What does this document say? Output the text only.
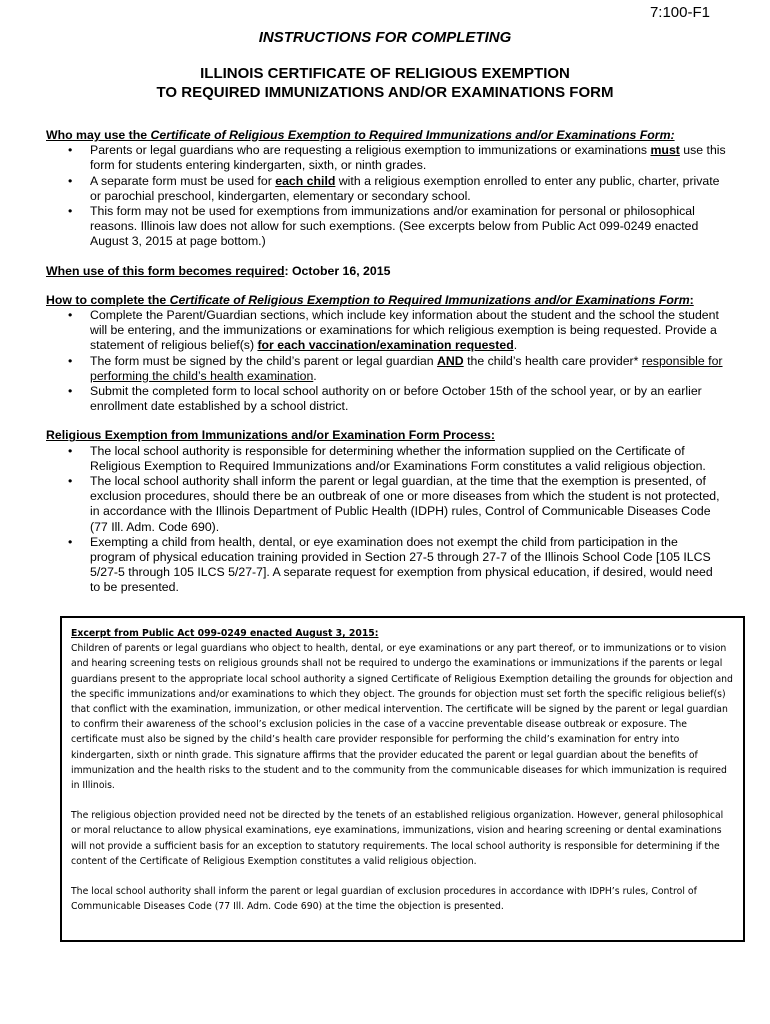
7:100-F1
INSTRUCTIONS FOR COMPLETING
ILLINOIS CERTIFICATE OF RELIGIOUS EXEMPTION
TO REQUIRED IMMUNIZATIONS AND/OR EXAMINATIONS FORM

Who may use the Certificate of Religious Exemption to Required Immunizations and/or Examinations Form:

• Parents or legal guardians who are requesting a religious exemption to immunizations or examinations must use this form for students entering kindergarten, sixth, or ninth grades.
• A separate form must be used for each child with a religious exemption enrolled to enter any public, charter, private or parochial preschool, kindergarten, elementary or secondary school.
• This form may not be used for exemptions from immunizations and/or examination for personal or philosophical reasons. Illinois law does not allow for such exemptions. (See excerpts below from Public Act 099-0249 enacted August 3, 2015 at page bottom.)

When use of this form becomes required: October 16, 2015

How to complete the Certificate of Religious Exemption to Required Immunizations and/or Examinations Form:

• Complete the Parent/Guardian sections, which include key information about the student and the school the student will be entering, and the immunizations or examinations for which religious exemption is being requested. Provide a statement of religious belief(s) for each vaccination/examination requested.
• The form must be signed by the child’s parent or legal guardian AND the child’s health care provider* responsible for performing the child’s health examination.
• Submit the completed form to local school authority on or before October 15th of the school year, or by an earlier enrollment date established by a school district.

Religious Exemption from Immunizations and/or Examination Form Process:

• The local school authority is responsible for determining whether the information supplied on the Certificate of Religious Exemption to Required Immunizations and/or Examinations Form constitutes a valid religious objection.
• The local school authority shall inform the parent or legal guardian, at the time that the exemption is presented, of exclusion procedures, should there be an outbreak of one or more diseases from which the student is not protected, in accordance with the Illinois Department of Public Health (IDPH) rules, Control of Communicable Diseases Code (77 Ill. Adm. Code 690).
• Exempting a child from health, dental, or eye examination does not exempt the child from participation in the program of physical education training provided in Section 27-5 through 27-7 of the Illinois School Code [105 ILCS 5/27-5 through 105 ILCS 5/27-7]. A separate request for exemption from physical education, if desired, would need to be presented.

Excerpt from Public Act 099-0249 enacted August 3, 2015:

Children of parents or legal guardians who object to health, dental, or eye examinations or any part thereof, or to immunizations or to vision and hearing screening tests on religious grounds shall not be required to undergo the examinations or immunizations if the parents or legal guardians present to the appropriate local school authority a signed Certificate of Religious Exemption detailing the grounds for objection and the specific immunizations and/or examinations to which they object. The grounds for objection must set forth the specific religious belief(s) that conflict with the examination, immunization, or other medical intervention. The certificate will be signed by the parent or legal guardian to confirm their awareness of the school’s exclusion policies in the case of a vaccine preventable disease outbreak or exposure. The certificate must also be signed by the child’s health care provider responsible for performing the child’s examination for entry into kindergarten, sixth or ninth grade. This signature affirms that the provider educated the parent or legal guardian about the benefits of immunization and the health risks to the student and to the community from the communicable diseases for which immunization is required in Illinois.

The religious objection provided need not be directed by the tenets of an established religious organization. However, general philosophical or moral reluctance to allow physical examinations, eye examinations, immunizations, vision and hearing screening or dental examinations will not provide a sufficient basis for an exception to statutory requirements. The local school authority is responsible for determining if the content of the Certificate of Religious Exemption constitutes a valid religious objection.

The local school authority shall inform the parent or legal guardian of exclusion procedures in accordance with IDPH’s rules, Control of Communicable Diseases Code (77 Ill. Adm. Code 690) at the time the objection is presented.
